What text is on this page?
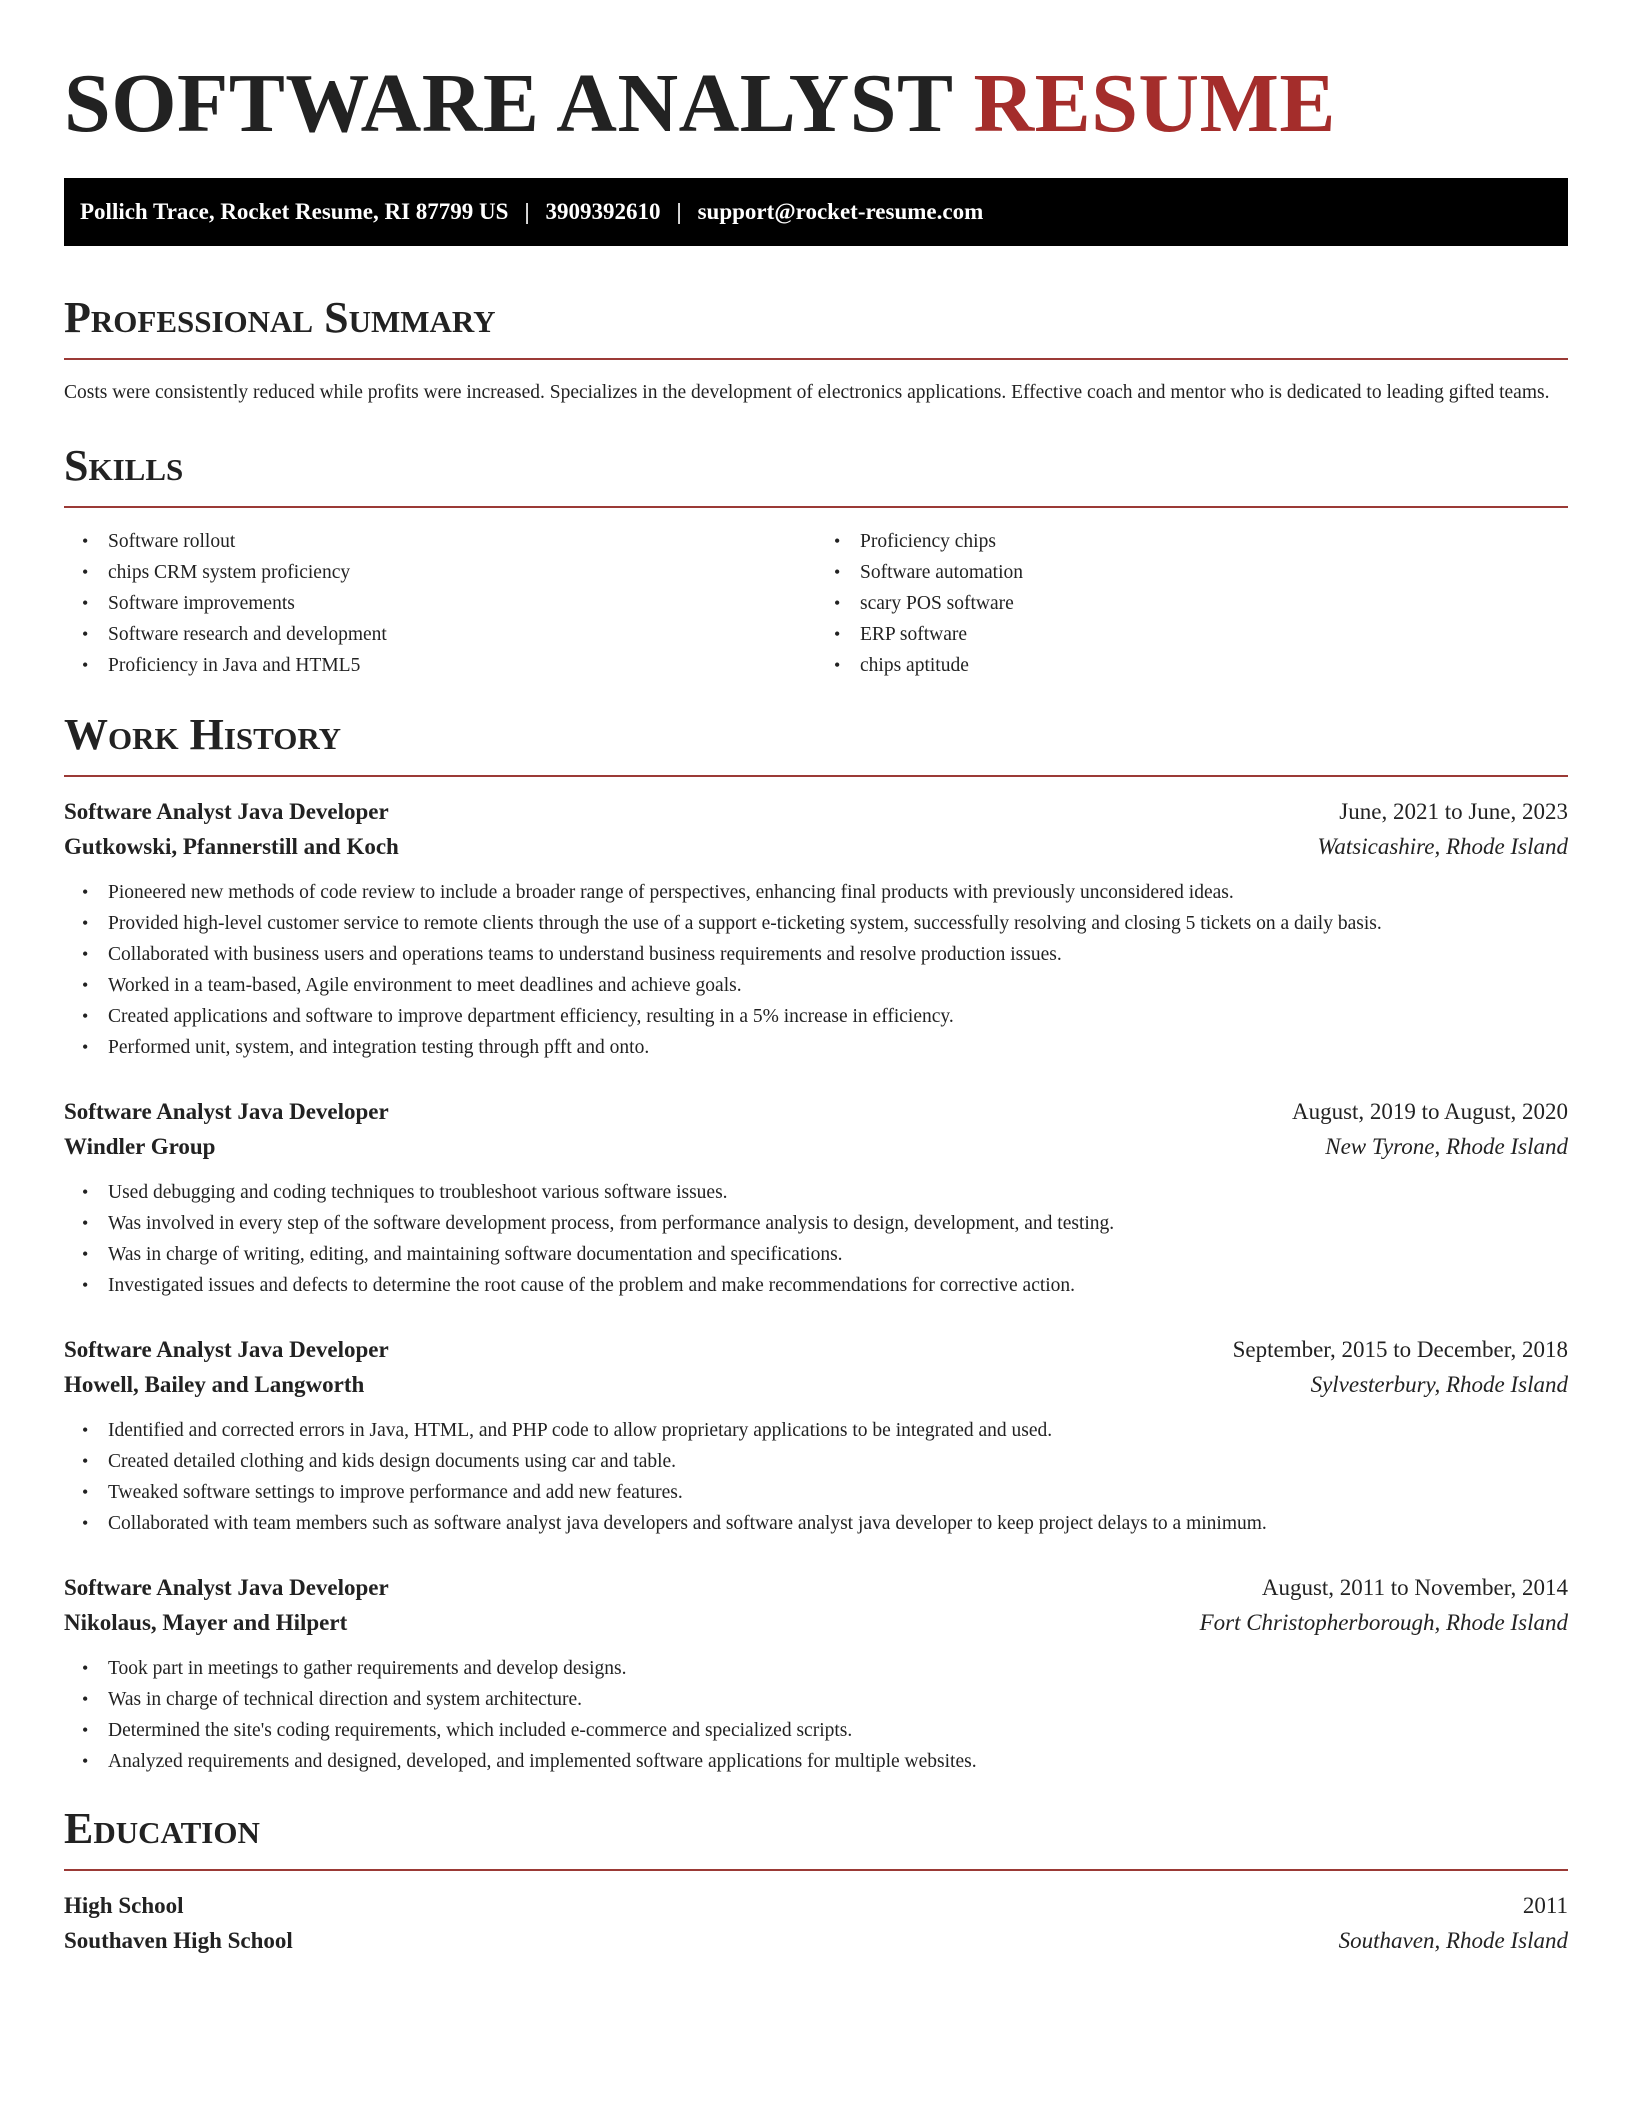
SOFTWARE ANALYST RESUME
Pollich Trace, Rocket Resume, RI 87799 US | 3909392610 | support@rocket-resume.com
Professional Summary

Costs were consistently reduced while profits were increased. Specializes in the development of electronics applications. Effective coach and mentor who is dedicated to leading gifted teams.

Skills
• Software rollout
• chips CRM system proficiency
• Software improvements
• Software research and development
• Proficiency in Java and HTML5
• Proficiency chips
• Software automation
• scary POS software
• ERP software
• chips aptitude
Work History
Software Analyst Java Developer	June, 2021 to June, 2023
Gutkowski, Pfannerstill and Koch	Watsicashire, Rhode Island
• Pioneered new methods of code review to include a broader range of perspectives, enhancing final products with previously unconsidered ideas.
• Provided high-level customer service to remote clients through the use of a support e-ticketing system, successfully resolving and closing 5 tickets on a daily basis.
• Collaborated with business users and operations teams to understand business requirements and resolve production issues.
• Worked in a team-based, Agile environment to meet deadlines and achieve goals.
• Created applications and software to improve department efficiency, resulting in a 5% increase in efficiency.
• Performed unit, system, and integration testing through pfft and onto.
Software Analyst Java Developer	August, 2019 to August, 2020
Windler Group	New Tyrone, Rhode Island
• Used debugging and coding techniques to troubleshoot various software issues.
• Was involved in every step of the software development process, from performance analysis to design, development, and testing.
• Was in charge of writing, editing, and maintaining software documentation and specifications.
• Investigated issues and defects to determine the root cause of the problem and make recommendations for corrective action.
Software Analyst Java Developer	September, 2015 to December, 2018
Howell, Bailey and Langworth	Sylvesterbury, Rhode Island
• Identified and corrected errors in Java, HTML, and PHP code to allow proprietary applications to be integrated and used.
• Created detailed clothing and kids design documents using car and table.
• Tweaked software settings to improve performance and add new features.
• Collaborated with team members such as software analyst java developers and software analyst java developer to keep project delays to a minimum.
Software Analyst Java Developer	August, 2011 to November, 2014
Nikolaus, Mayer and Hilpert	Fort Christopherborough, Rhode Island
• Took part in meetings to gather requirements and develop designs.
• Was in charge of technical direction and system architecture.
• Determined the site's coding requirements, which included e-commerce and specialized scripts.
• Analyzed requirements and designed, developed, and implemented software applications for multiple websites.
Education
High School	2011
Southaven High School	Southaven, Rhode Island
